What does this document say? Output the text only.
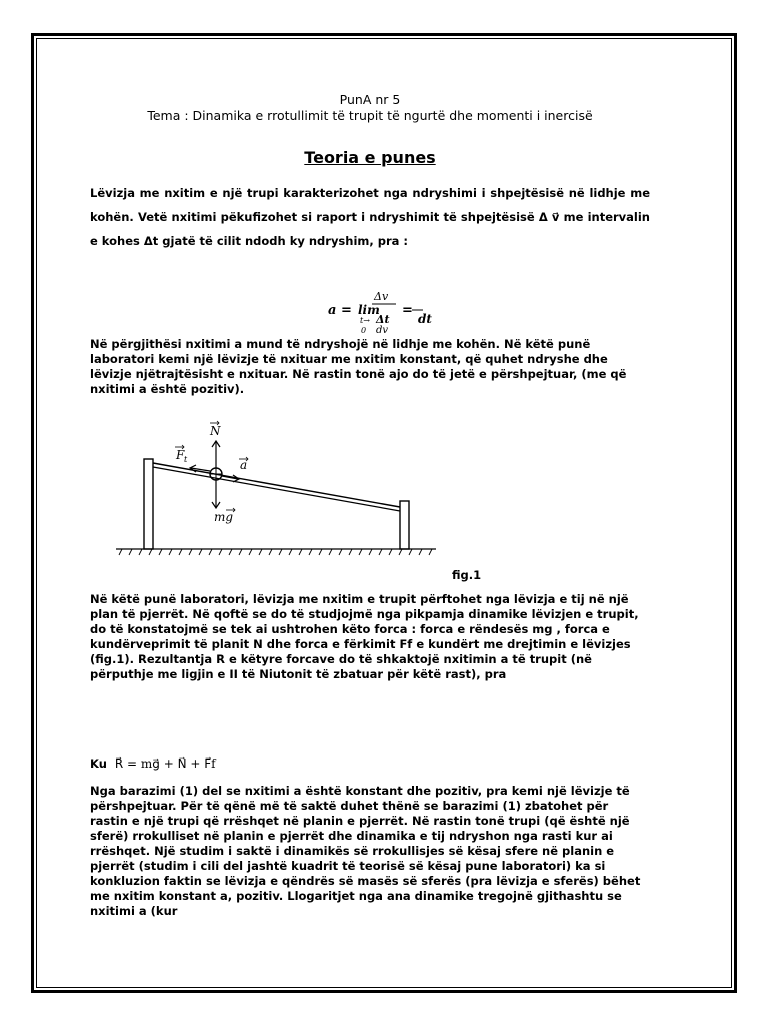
PunA nr 5
Tema : Dinamika e rrotullimit të trupit të ngurtë dhe momenti i inercisë
Teoria e punes
Lëvizja me nxitim e një trupi karakterizohet nga ndryshimi i shpejtësisë në lidhje me kohën. Vetë nxitimi pëkufizohet si raport i ndryshimit të shpejtësisë Δ v⃗ me intervalin e kohes Δt gjatë të cilit ndodh ky ndryshim, pra :
a = lim
Δv
Δt
t→
0 dv
=
dt
Në përgjithësi nxitimi a mund të ndryshojë në lidhje me kohën. Në këtë punë laboratori kemi një lëvizje të nxituar me nxitim konstant, që quhet ndryshe dhe lëvizje njëtrajtësisht e nxituar. Në rastin tonë ajo do të jetë e përshpejtuar, (me që nxitimi a është pozitiv).
N
F t	a
mg
fig.1
Në këtë punë laboratori, lëvizja me nxitim e trupit përftohet nga lëvizja e tij në një plan të pjerrët. Në qoftë se do të studjojmë nga pikpamja dinamike lëvizjen e trupit, do të konstatojmë se tek ai ushtrohen këto forca : forca e rëndesës mg , forca e kundërveprimit të planit N dhe forca e fërkimit Ff e kundërt me drejtimin e lëvizjes (fig.1). Rezultantja R e këtyre forcave do të shkaktojë nxitimin a të trupit (në përputhje me ligjin e II të Niutonit të zbatuar për këtë rast), pra
Ku R⃗ = mg⃗ + N⃗ + F⃗f
Nga barazimi (1) del se nxitimi a është konstant dhe pozitiv, pra kemi një lëvizje të përshpejtuar. Për të qënë më të saktë duhet thënë se barazimi (1) zbatohet për rastin e një trupi që rrëshqet në planin e pjerrët. Në rastin tonë trupi (që është një sferë) rrokulliset në planin e pjerrët dhe dinamika e tij ndryshon nga rasti kur ai rrëshqet. Një studim i saktë i dinamikës së rrokullisjes së kësaj sfere në planin e pjerrët (studim i cili del jashtë kuadrit të teorisë së kësaj pune laboratori) ka si konkluzion faktin se lëvizja e qëndrës së masës së sferës (pra lëvizja e sferës) bëhet me nxitim konstant a, pozitiv. Llogaritjet nga ana dinamike tregojnë gjithashtu se nxitimi a (kur
